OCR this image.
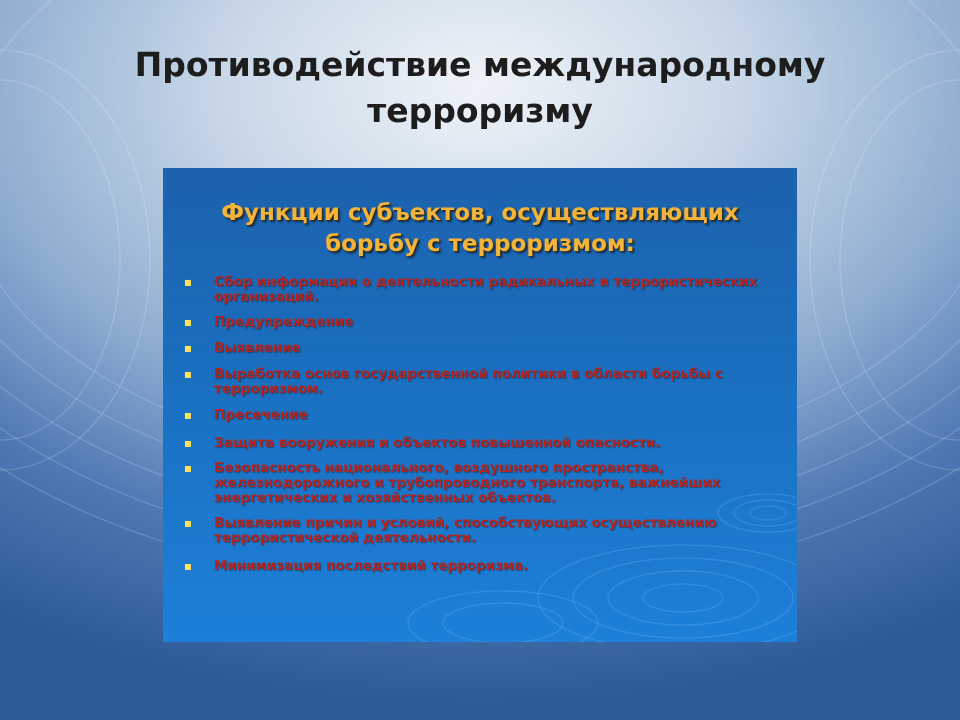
Противодействие международному
терроризму
Функции субъектов, осуществляющих
борьбу с терроризмом:
▪ Сбор информации о деятельности радикальных и террористических организаций.
▪ Предупреждение
▪ Выявление
▪ Выработка основ государственной политики в области борьбы с терроризмом.
▪ Пресечение
▪ Защита вооружения и объектов повышенной опасности.
▪ Безопасность национального, воздушного пространства, железнодорожного и трубопроводного транспорта, важнейших энергетических и хозяйственных объектов.
▪ Выявление причин и условий, способствующих осуществлению террористической деятельности.
▪ Минимизация последствий терроризма.
